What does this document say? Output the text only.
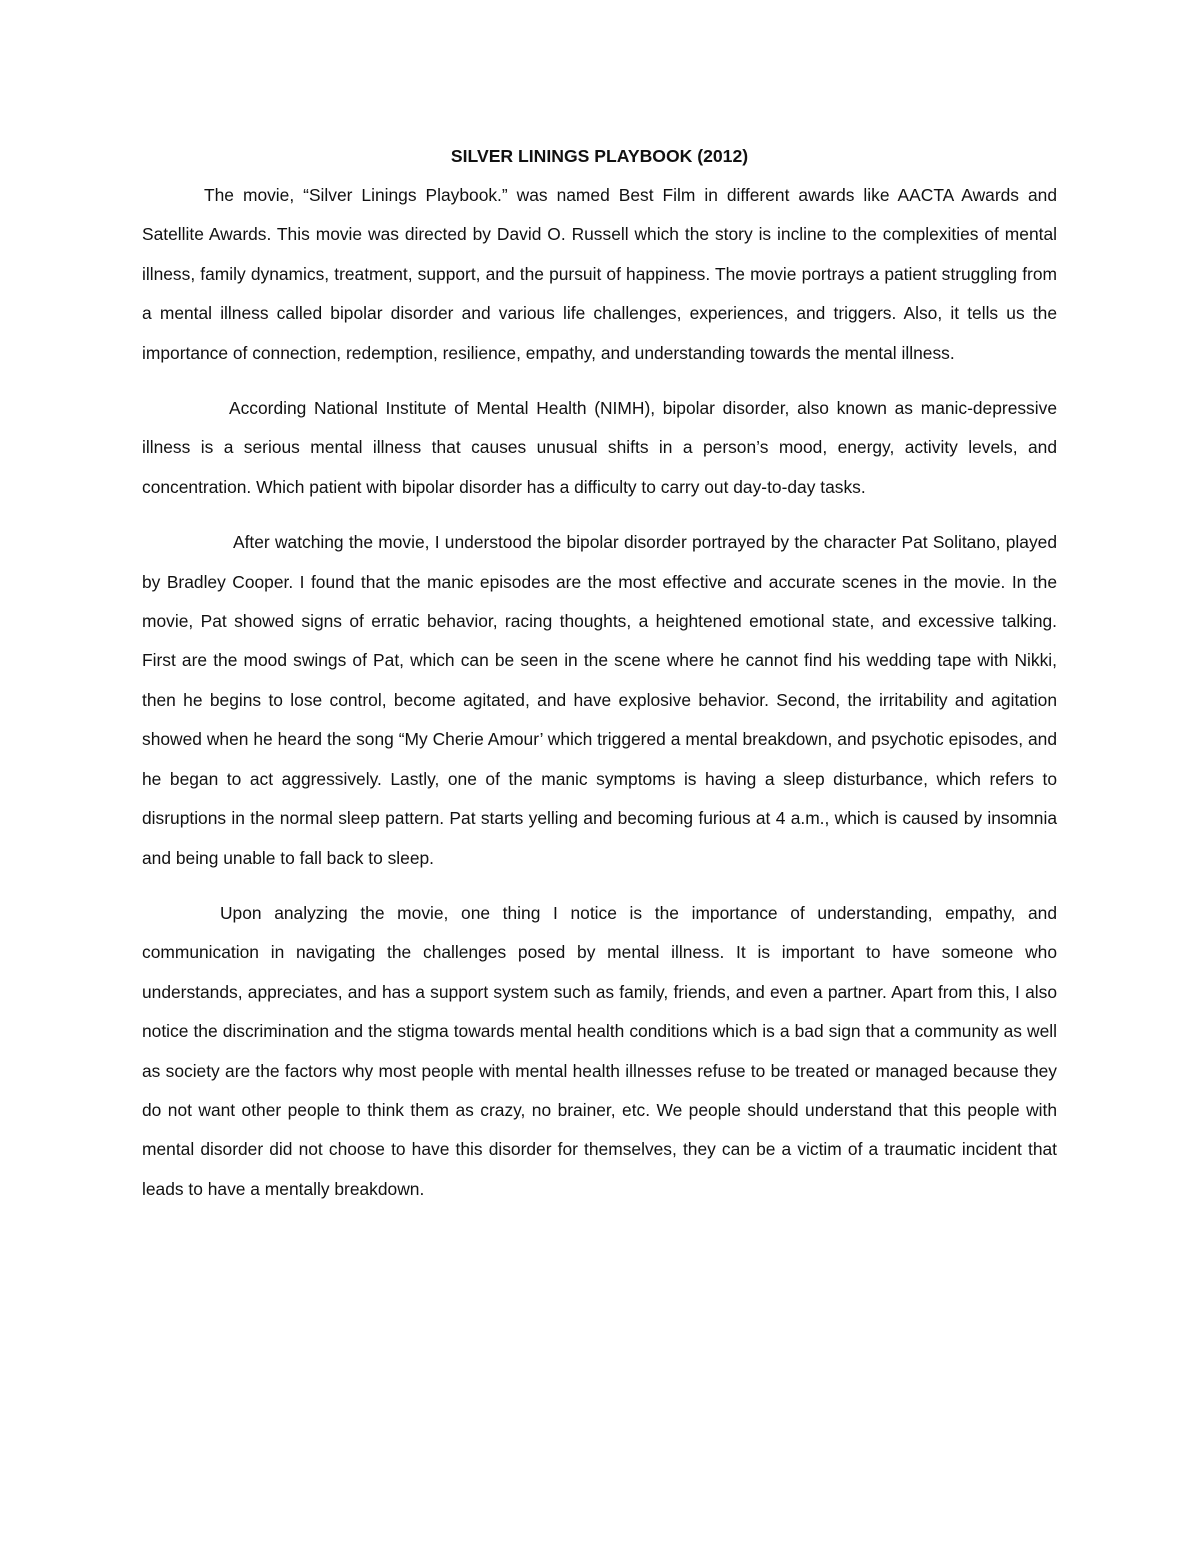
SILVER LININGS PLAYBOOK (2012)

The movie, “Silver Linings Playbook.” was named Best Film in different awards like AACTA Awards and Satellite Awards. This movie was directed by David O. Russell which the story is incline to the complexities of mental illness, family dynamics, treatment, support, and the pursuit of happiness. The movie portrays a patient struggling from a mental illness called bipolar disorder and various life challenges, experiences, and triggers. Also, it tells us the importance of connection, redemption, resilience, empathy, and understanding towards the mental illness.

According National Institute of Mental Health (NIMH), bipolar disorder, also known as manic-depressive illness is a serious mental illness that causes unusual shifts in a person’s mood, energy, activity levels, and concentration. Which patient with bipolar disorder has a difficulty to carry out day-to-day tasks.

After watching the movie, I understood the bipolar disorder portrayed by the character Pat Solitano, played by Bradley Cooper. I found that the manic episodes are the most effective and accurate scenes in the movie. In the movie, Pat showed signs of erratic behavior, racing thoughts, a heightened emotional state, and excessive talking. First are the mood swings of Pat, which can be seen in the scene where he cannot find his wedding tape with Nikki, then he begins to lose control, become agitated, and have explosive behavior. Second, the irritability and agitation showed when he heard the song “My Cherie Amour’ which triggered a mental breakdown, and psychotic episodes, and he began to act aggressively. Lastly, one of the manic symptoms is having a sleep disturbance, which refers to disruptions in the normal sleep pattern. Pat starts yelling and becoming furious at 4 a.m., which is caused by insomnia and being unable to fall back to sleep.

Upon analyzing the movie, one thing I notice is the importance of understanding, empathy, and communication in navigating the challenges posed by mental illness. It is important to have someone who understands, appreciates, and has a support system such as family, friends, and even a partner. Apart from this, I also notice the discrimination and the stigma towards mental health conditions which is a bad sign that a community as well as society are the factors why most people with mental health illnesses refuse to be treated or managed because they do not want other people to think them as crazy, no brainer, etc. We people should understand that this people with mental disorder did not choose to have this disorder for themselves, they can be a victim of a traumatic incident that leads to have a mentally breakdown.
